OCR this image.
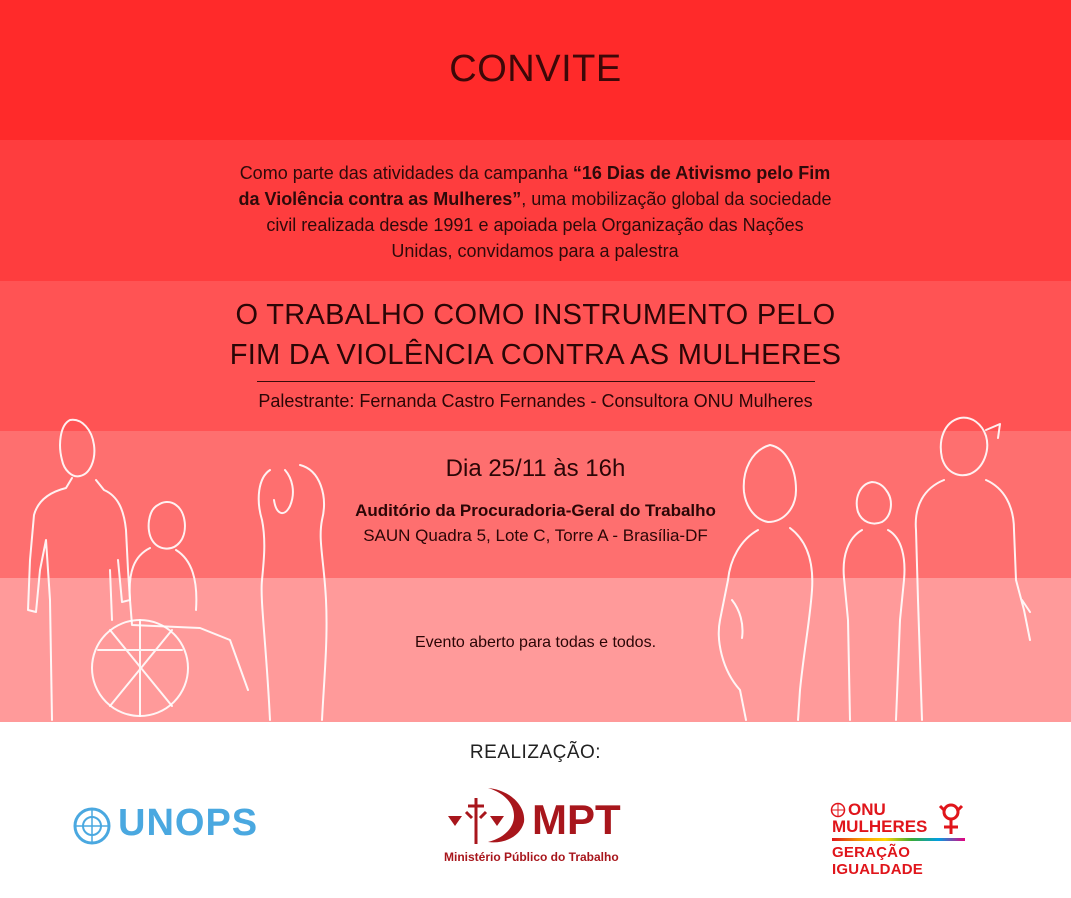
CONVITE
Como parte das atividades da campanha “16 Dias de Ativismo pelo Fim da Violência contra as Mulheres”, uma mobilização global da sociedade civil realizada desde 1991 e apoiada pela Organização das Nações Unidas, convidamos para a palestra
O TRABALHO COMO INSTRUMENTO PELO
FIM DA VIOLÊNCIA CONTRA AS MULHERES
Palestrante: Fernanda Castro Fernandes - Consultora ONU Mulheres
Dia 25/11 às 16h
Auditório da Procuradoria-Geral do Trabalho
SAUN Quadra 5, Lote C, Torre A - Brasília-DF
Evento aberto para todas e todos.
REALIZAÇÃO:
UNOPS	MPT
Ministério Público do Trabalho
ONU
MULHERES
GERAÇÃO IGUALDADE
